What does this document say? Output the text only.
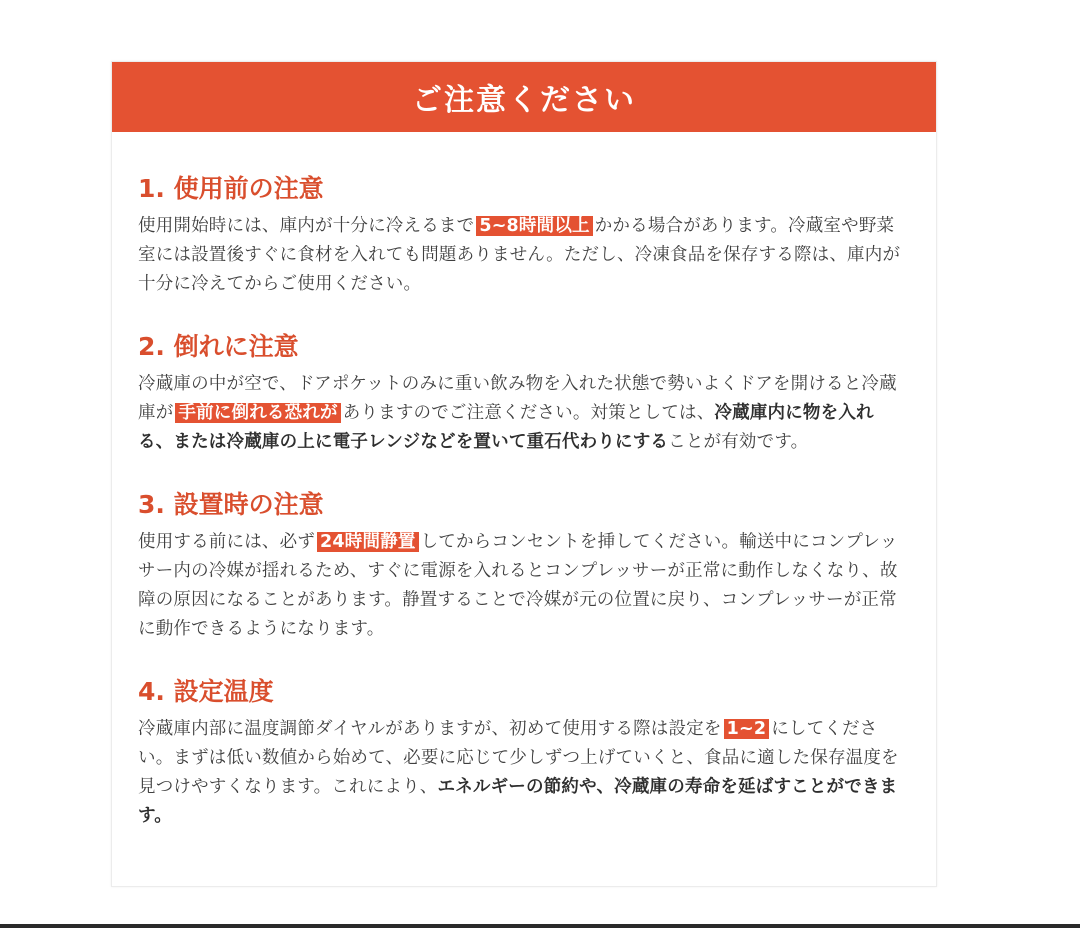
ご注意ください
1. 使用前の注意

使用開始時には、庫内が十分に冷えるまで 5~8時間以上 かかる場合があります。冷蔵室や野菜室には設置後すぐに食材を入れても問題ありません。ただし、冷凍食品を保存する際は、庫内が十分に冷えてからご使用ください。

2. 倒れに注意

冷蔵庫の中が空で、ドアポケットのみに重い飲み物を入れた状態で勢いよくドアを開けると冷蔵庫が 手前に倒れる恐れが ありますのでご注意ください。対策としては、冷蔵庫内に物を入れる、または冷蔵庫の上に電子レンジなどを置いて重石代わりにすることが有効です。

3. 設置時の注意

使用する前には、必ず 24時間静置 してからコンセントを挿してください。輸送中にコンプレッサー内の冷媒が揺れるため、すぐに電源を入れるとコンプレッサーが正常に動作しなくなり、故障の原因になることがあります。静置することで冷媒が元の位置に戻り、コンプレッサーが正常に動作できるようになります。

4. 設定温度

冷蔵庫内部に温度調節ダイヤルがありますが、初めて使用する際は設定を 1~2 にしてください。まずは低い数値から始めて、必要に応じて少しずつ上げていくと、食品に適した保存温度を見つけやすくなります。これにより、エネルギーの節約や、冷蔵庫の寿命を延ばすことができます。
